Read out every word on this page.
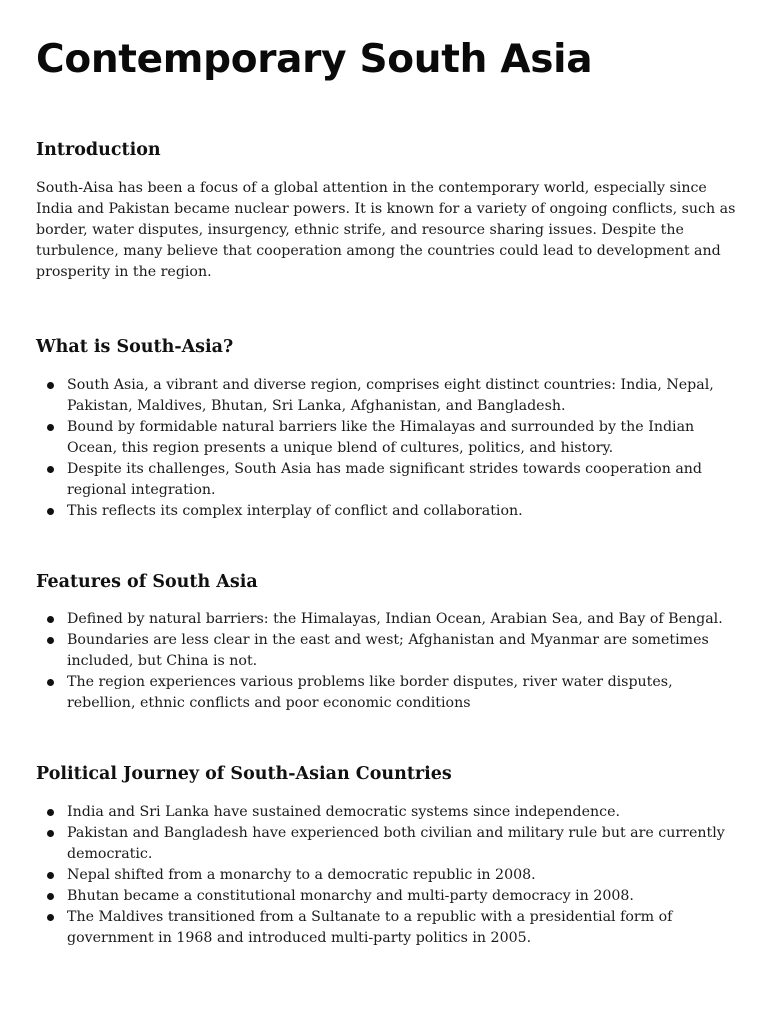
Contemporary South Asia
Introduction

South-Aisa has been a focus of a global attention in the contemporary world, especially since India and Pakistan became nuclear powers. It is known for a variety of ongoing conflicts, such as border, water disputes, insurgency, ethnic strife, and resource sharing issues. Despite the turbulence, many believe that cooperation among the countries could lead to development and prosperity in the region.

What is South-Asia?
South Asia, a vibrant and diverse region, comprises eight distinct countries: India, Nepal, Pakistan, Maldives, Bhutan, Sri Lanka, Afghanistan, and Bangladesh.
Bound by formidable natural barriers like the Himalayas and surrounded by the Indian Ocean, this region presents a unique blend of cultures, politics, and history.
Despite its challenges, South Asia has made significant strides towards cooperation and regional integration.
This reflects its complex interplay of conflict and collaboration.
Features of South Asia
Defined by natural barriers: the Himalayas, Indian Ocean, Arabian Sea, and Bay of Bengal.
Boundaries are less clear in the east and west; Afghanistan and Myanmar are sometimes included, but China is not.
The region experiences various problems like border disputes, river water disputes, rebellion, ethnic conflicts and poor economic conditions
Political Journey of South-Asian Countries
India and Sri Lanka have sustained democratic systems since independence.
Pakistan and Bangladesh have experienced both civilian and military rule but are currently democratic.
Nepal shifted from a monarchy to a democratic republic in 2008.
Bhutan became a constitutional monarchy and multi-party democracy in 2008.
The Maldives transitioned from a Sultanate to a republic with a presidential form of government in 1968 and introduced multi-party politics in 2005.
